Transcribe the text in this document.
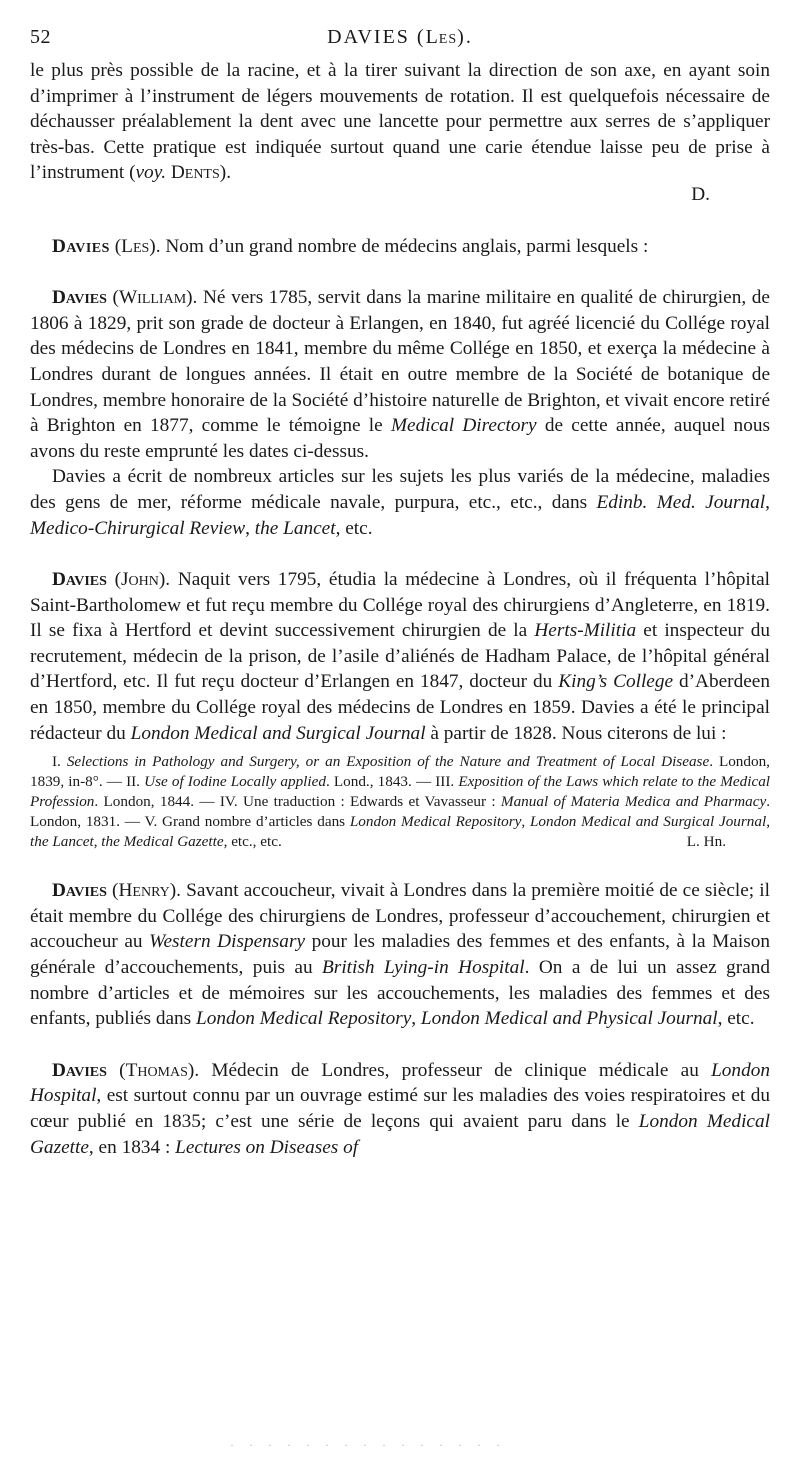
52	DAVIES (Les).

le plus près possible de la racine, et à la tirer suivant la direction de son axe, en ayant soin d’imprimer à l’instrument de légers mouvements de rotation. Il est quelquefois nécessaire de déchausser préalablement la dent avec une lancette pour permettre aux serres de s’appliquer très-bas. Cette pratique est indiquée surtout quand une carie étendue laisse peu de prise à l’instrument (voy. Dents).

D.

Davies (Les). Nom d’un grand nombre de médecins anglais, parmi lesquels :

Davies (William). Né vers 1785, servit dans la marine militaire en qualité de chirurgien, de 1806 à 1829, prit son grade de docteur à Erlangen, en 1840, fut agréé licencié du Collége royal des médecins de Londres en 1841, membre du même Collége en 1850, et exerça la médecine à Londres durant de longues années. Il était en outre membre de la Société de botanique de Londres, membre honoraire de la Société d’histoire naturelle de Brighton, et vivait encore retiré à Brighton en 1877, comme le témoigne le Medical Directory de cette année, auquel nous avons du reste emprunté les dates ci-dessus.

Davies a écrit de nombreux articles sur les sujets les plus variés de la médecine, maladies des gens de mer, réforme médicale navale, purpura, etc., etc., dans Edinb. Med. Journal, Medico-Chirurgical Review, the Lancet, etc.

Davies (John). Naquit vers 1795, étudia la médecine à Londres, où il fréquenta l’hôpital Saint-Bartholomew et fut reçu membre du Collége royal des chirurgiens d’Angleterre, en 1819. Il se fixa à Hertford et devint successivement chirurgien de la Herts-Militia et inspecteur du recrutement, médecin de la prison, de l’asile d’aliénés de Hadham Palace, de l’hôpital général d’Hertford, etc. Il fut reçu docteur d’Erlangen en 1847, docteur du King’s College d’Aberdeen en 1850, membre du Collége royal des médecins de Londres en 1859. Davies a été le principal rédacteur du London Medical and Surgical Journal à partir de 1828. Nous citerons de lui :

I. Selections in Pathology and Surgery, or an Exposition of the Nature and Treatment of Local Disease. London, 1839, in-8°. — II. Use of Iodine Locally applied. Lond., 1843. — III. Exposition of the Laws which relate to the Medical Profession. London, 1844. — IV. Une traduction : Edwards et Vavasseur : Manual of Materia Medica and Pharmacy. London, 1831. — V. Grand nombre d’articles dans London Medical Repository, London Medical and Surgical Journal, the Lancet, the Medical Gazette, etc., etc.	L. Hn.

Davies (Henry). Savant accoucheur, vivait à Londres dans la première moitié de ce siècle; il était membre du Collége des chirurgiens de Londres, professeur d’accouchement, chirurgien et accoucheur au Western Dispensary pour les maladies des femmes et des enfants, à la Maison générale d’accouchements, puis au British Lying-in Hospital. On a de lui un assez grand nombre d’articles et de mémoires sur les accouchements, les maladies des femmes et des enfants, publiés dans London Medical Repository, London Medical and Physical Journal, etc.

Davies (Thomas). Médecin de Londres, professeur de clinique médicale au London Hospital, est surtout connu par un ouvrage estimé sur les maladies des voies respiratoires et du cœur publié en 1835; c’est une série de leçons qui avaient paru dans le London Medical Gazette, en 1834 : Lectures on Diseases of

· · · · · · · · · · · · · · ·
